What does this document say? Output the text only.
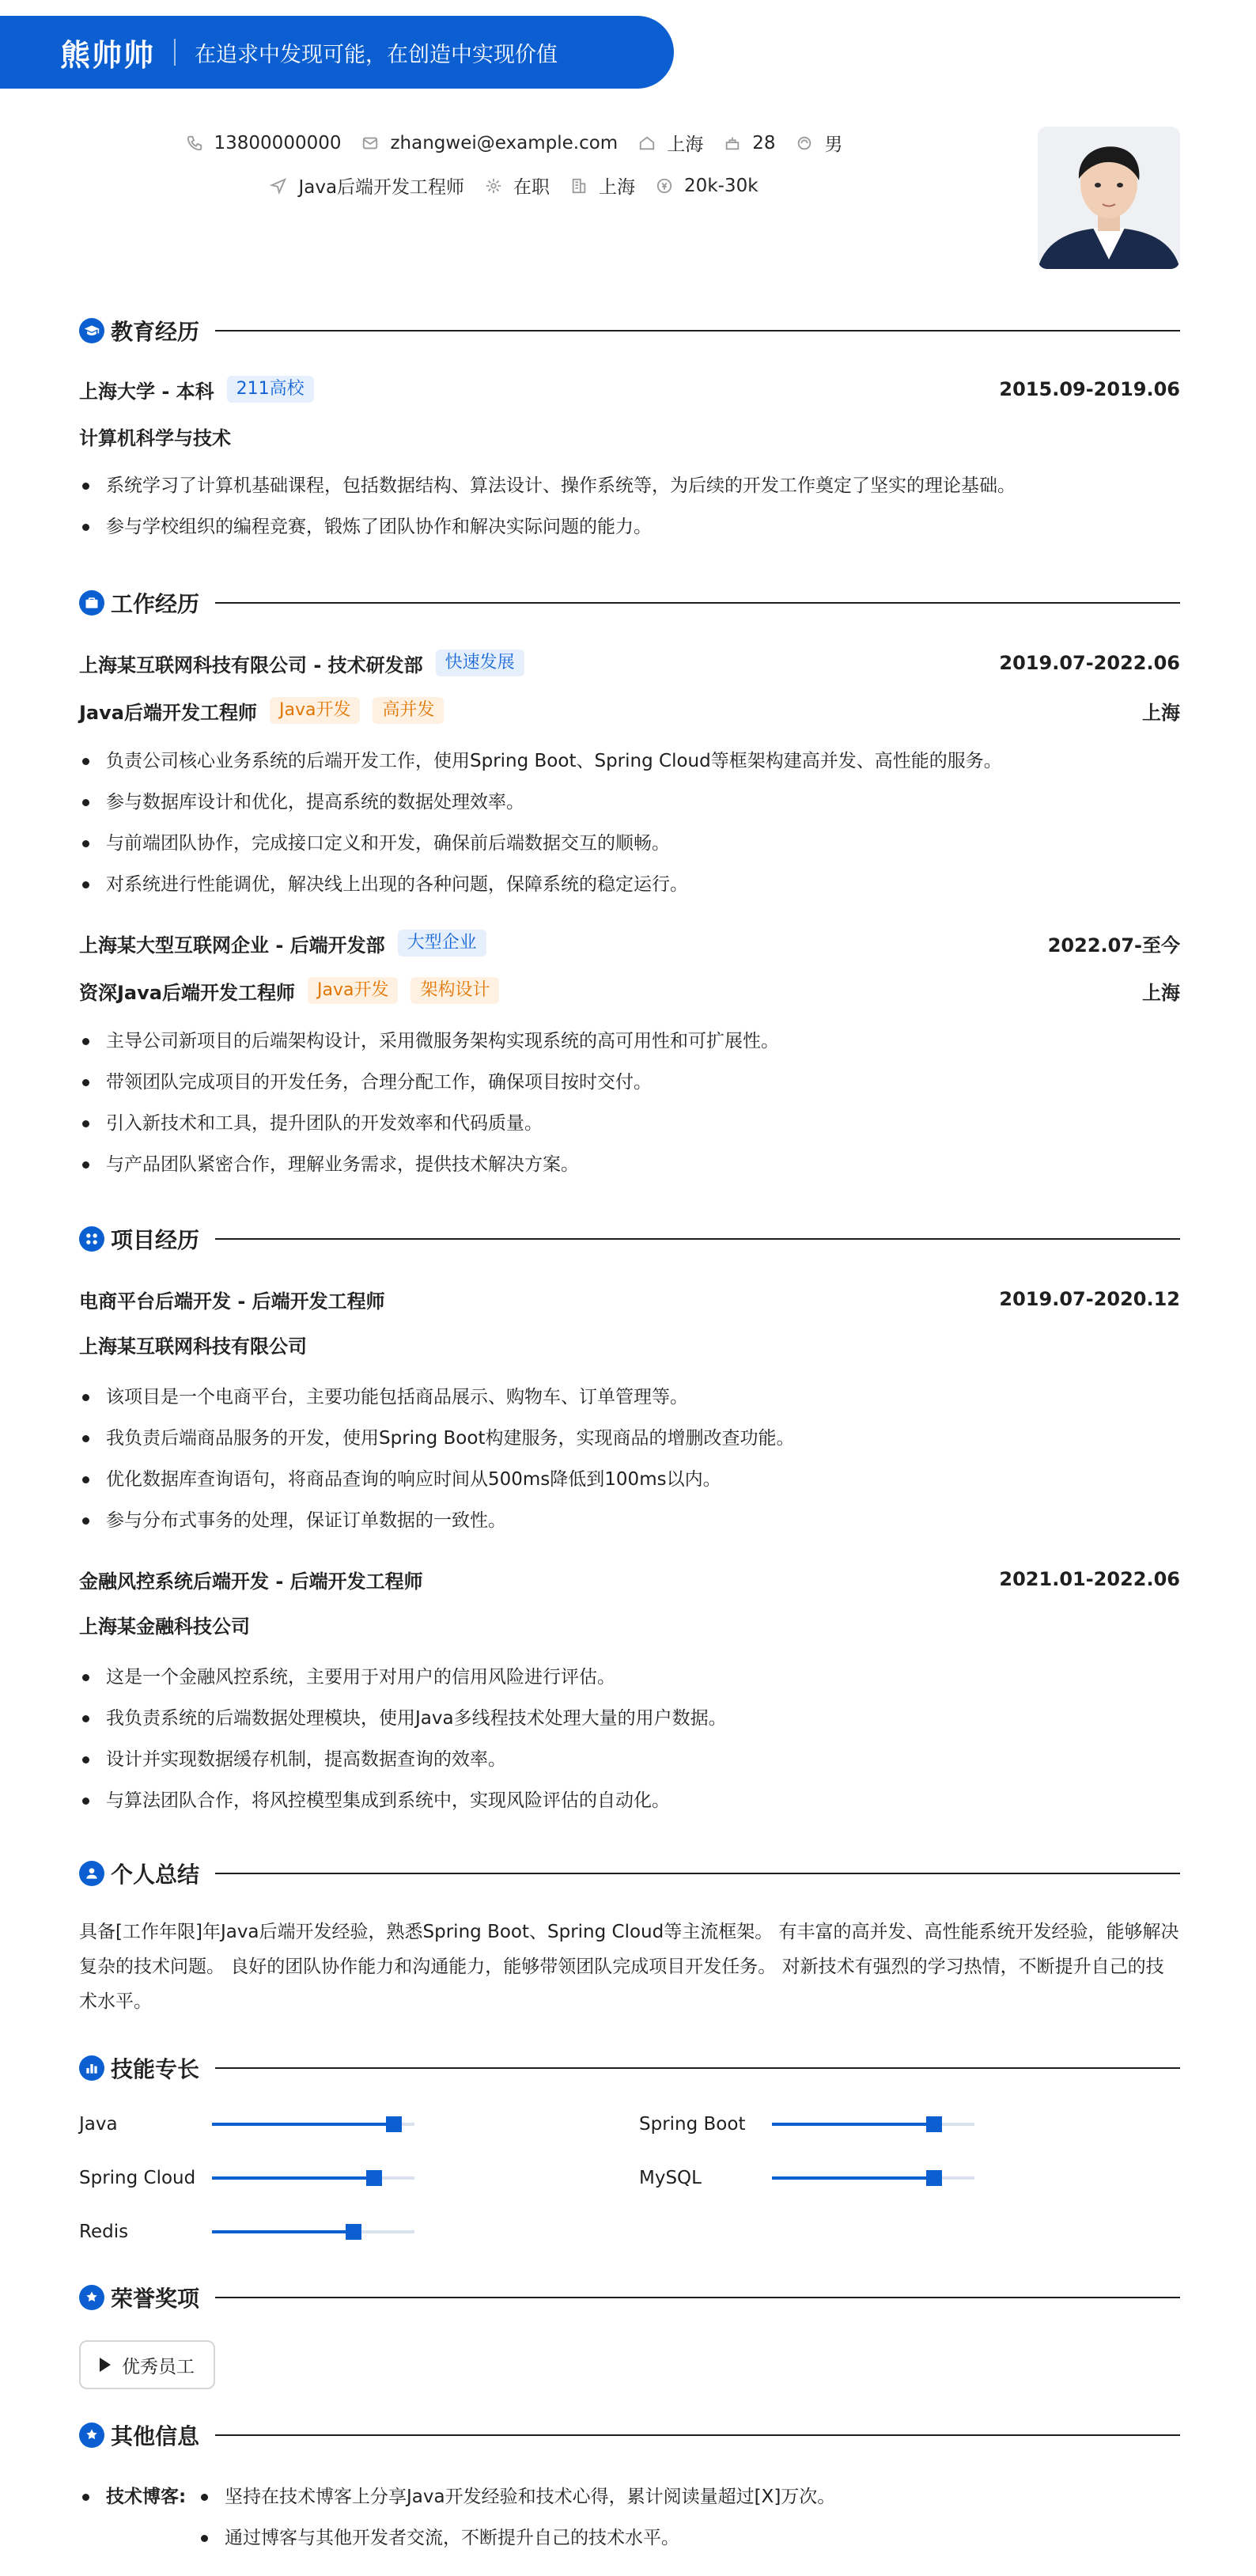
熊帅帅 在追求中发现可能，在创造中实现价值
13800000000	zhangwei@example.com	上海	28	男
Java后端开发工程师	在职	上海	20k-30k
教育经历
上海大学 - 本科	211高校	2015.09-2019.06
计算机科学与技术
系统学习了计算机基础课程，包括数据结构、算法设计、操作系统等，为后续的开发工作奠定了坚实的理论基础。
参与学校组织的编程竞赛，锻炼了团队协作和解决实际问题的能力。
工作经历
上海某互联网科技有限公司 - 技术研发部	快速发展	2019.07-2022.06
Java后端开发工程师	Java开发	高并发	上海
负责公司核心业务系统的后端开发工作，使用Spring Boot、Spring Cloud等框架构建高并发、高性能的服务。
参与数据库设计和优化，提高系统的数据处理效率。
与前端团队协作，完成接口定义和开发，确保前后端数据交互的顺畅。
对系统进行性能调优，解决线上出现的各种问题，保障系统的稳定运行。
上海某大型互联网企业 - 后端开发部	大型企业	2022.07-至今
资深Java后端开发工程师	Java开发	架构设计	上海
主导公司新项目的后端架构设计，采用微服务架构实现系统的高可用性和可扩展性。
带领团队完成项目的开发任务，合理分配工作，确保项目按时交付。
引入新技术和工具，提升团队的开发效率和代码质量。
与产品团队紧密合作，理解业务需求，提供技术解决方案。
项目经历
电商平台后端开发 - 后端开发工程师	2019.07-2020.12
上海某互联网科技有限公司
该项目是一个电商平台，主要功能包括商品展示、购物车、订单管理等。
我负责后端商品服务的开发，使用Spring Boot构建服务，实现商品的增删改查功能。
优化数据库查询语句，将商品查询的响应时间从500ms降低到100ms以内。
参与分布式事务的处理，保证订单数据的一致性。
金融风控系统后端开发 - 后端开发工程师	2021.01-2022.06
上海某金融科技公司
这是一个金融风控系统，主要用于对用户的信用风险进行评估。
我负责系统的后端数据处理模块，使用Java多线程技术处理大量的用户数据。
设计并实现数据缓存机制，提高数据查询的效率。
与算法团队合作，将风控模型集成到系统中，实现风险评估的自动化。
个人总结
具备[工作年限]年Java后端开发经验，熟悉Spring Boot、Spring Cloud等主流框架。 有丰富的高并发、高性能系统开发经验，能够解决复杂的技术问题。 良好的团队协作能力和沟通能力，能够带领团队完成项目开发任务。 对新技术有强烈的学习热情，不断提升自己的技术水平。
技能专长
Java	Spring Boot
Spring Cloud	MySQL
Redis
荣誉奖项
优秀员工
其他信息
技术博客:	坚持在技术博客上分享Java开发经验和技术心得，累计阅读量超过[X]万次。
通过博客与其他开发者交流，不断提升自己的技术水平。
